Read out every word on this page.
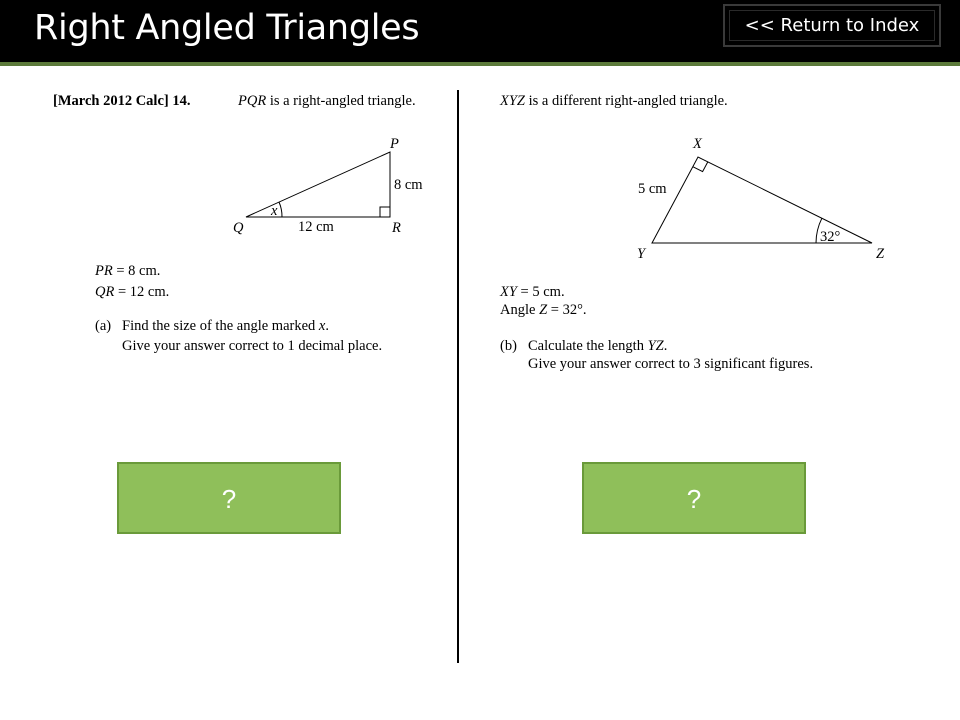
Right Angled Triangles	<< Return to Index
[March 2012 Calc] 14.	PQR is a right-angled triangle.
P
Q	R
8 cm
12 cm
x
X
Y	Z
5 cm
32°
PR = 8 cm.
QR = 12 cm.
(a) Find the size of the angle marked x.
Give your answer correct to 1 decimal place.
?
XYZ is a different right-angled triangle.
XY = 5 cm.
Angle Z = 32°.
(b) Calculate the length YZ.
Give your answer correct to 3 significant figures.
?
